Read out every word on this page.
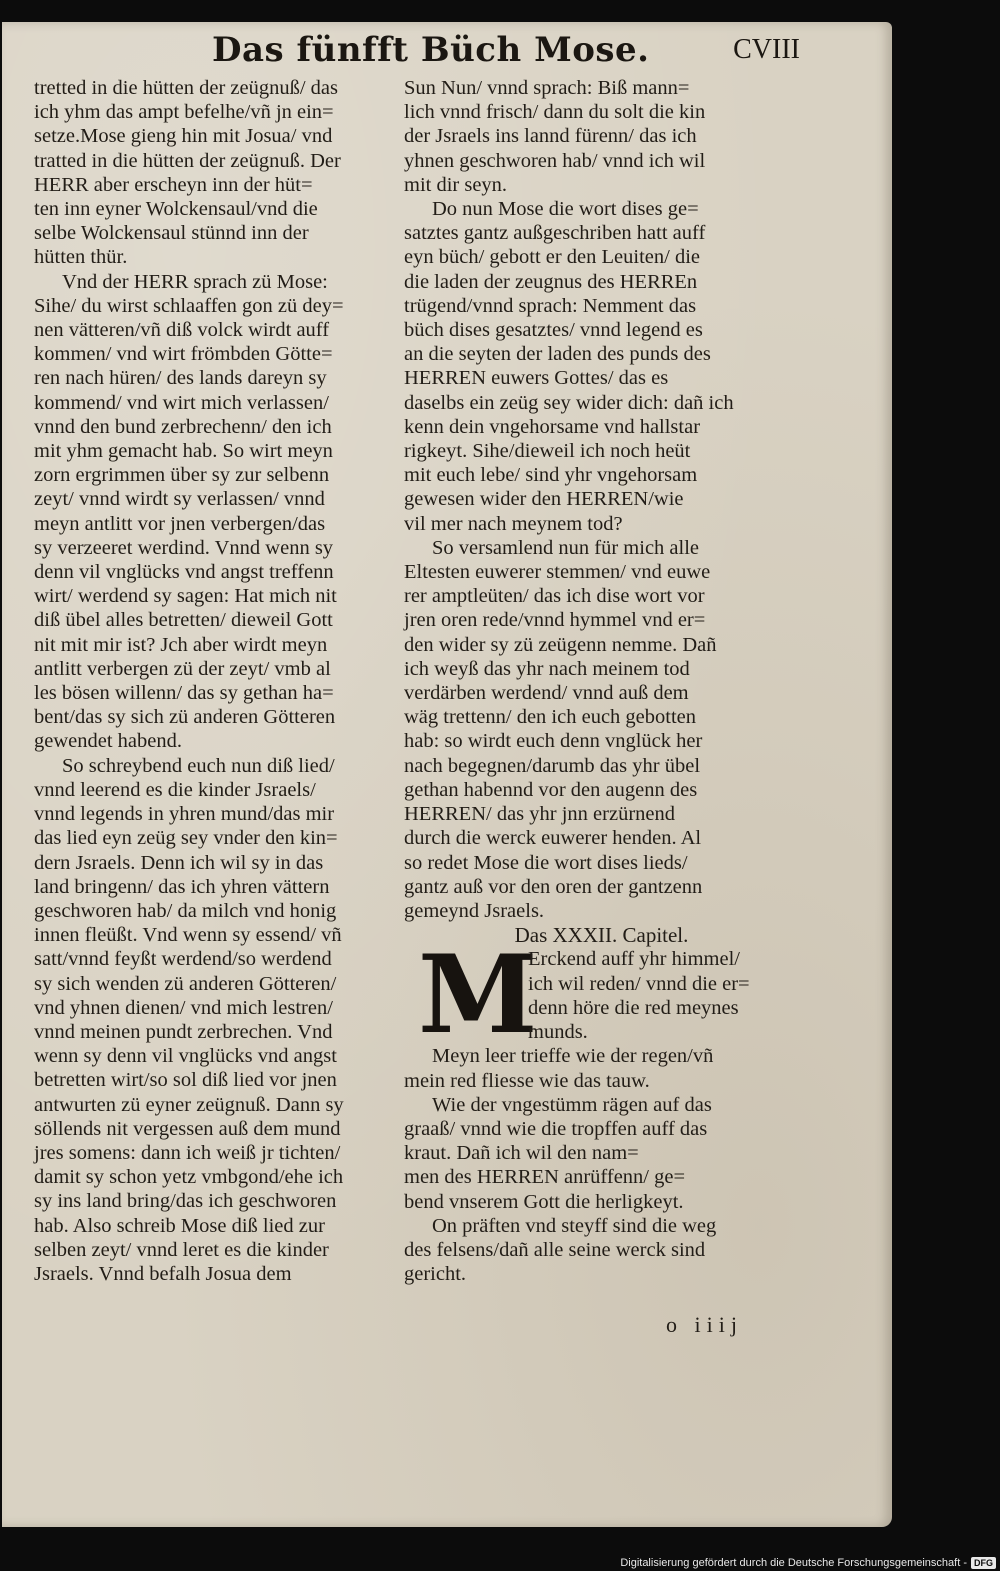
Das fünfft Büch Mose.	CVIII
tretted in die hütten der zeügnuß/ das
ich yhm das ampt befelhe/vñ jn ein=
setze.Mose gieng hin mit Josua/ vnd
tratted in die hütten der zeügnuß. Der
HERR aber erscheyn inn der hüt=
ten inn eyner Wolckensaul/vnd die
selbe Wolckensaul stünnd inn der
hütten thür.
Vnd der HERR sprach zü Mose:
Sihe/ du wirst schlaaffen gon zü dey=
nen vätteren/vñ diß volck wirdt auff
kommen/ vnd wirt frömbden Götte=
ren nach hüren/ des lands dareyn sy
kommend/ vnd wirt mich verlassen/
vnnd den bund zerbrechenn/ den ich
mit yhm gemacht hab. So wirt meyn
zorn ergrimmen über sy zur selbenn
zeyt/ vnnd wirdt sy verlassen/ vnnd
meyn antlitt vor jnen verbergen/das
sy verzeeret werdind. Vnnd wenn sy
denn vil vnglücks vnd angst treffenn
wirt/ werdend sy sagen: Hat mich nit
diß übel alles betretten/ dieweil Gott
nit mit mir ist? Jch aber wirdt meyn
antlitt verbergen zü der zeyt/ vmb al
les bösen willenn/ das sy gethan ha=
bent/das sy sich zü anderen Götteren
gewendet habend.
So schreybend euch nun diß lied/
vnnd leerend es die kinder Jsraels/
vnnd legends in yhren mund/das mir
das lied eyn zeüg sey vnder den kin=
dern Jsraels. Denn ich wil sy in das
land bringenn/ das ich yhren vättern
geschworen hab/ da milch vnd honig
innen fleüßt. Vnd wenn sy essend/ vñ
satt/vnnd feyßt werdend/so werdend
sy sich wenden zü anderen Götteren/
vnd yhnen dienen/ vnd mich lestren/
vnnd meinen pundt zerbrechen. Vnd
wenn sy denn vil vnglücks vnd angst
betretten wirt/so sol diß lied vor jnen
antwurten zü eyner zeügnuß. Dann sy
söllends nit vergessen auß dem mund
jres somens: dann ich weiß jr tichten/
damit sy schon yetz vmbgond/ehe ich
sy ins land bring/das ich geschworen
hab. Also schreib Mose diß lied zur
selben zeyt/ vnnd leret es die kinder
Jsraels. Vnnd befalh Josua dem
Sun Nun/ vnnd sprach: Biß mann=
lich vnnd frisch/ dann du solt die kin
der Jsraels ins lannd fürenn/ das ich
yhnen geschworen hab/ vnnd ich wil
mit dir seyn.
Do nun Mose die wort dises ge=
satztes gantz außgeschriben hatt auff
eyn büch/ gebott er den Leuiten/ die
die laden der zeugnus des HERREn
trügend/vnnd sprach: Nemment das
büch dises gesatztes/ vnnd legend es
an die seyten der laden des punds des
HERREN euwers Gottes/ das es
daselbs ein zeüg sey wider dich: dañ ich
kenn dein vngehorsame vnd hallstar
rigkeyt. Sihe/dieweil ich noch heüt
mit euch lebe/ sind yhr vngehorsam
gewesen wider den HERREN/wie
vil mer nach meynem tod?
So versamlend nun für mich alle
Eltesten euwerer stemmen/ vnd euwe
rer amptleüten/ das ich dise wort vor
jren oren rede/vnnd hymmel vnd er=
den wider sy zü zeügenn nemme. Dañ
ich weyß das yhr nach meinem tod
verdärben werdend/ vnnd auß dem
wäg trettenn/ den ich euch gebotten
hab: so wirdt euch denn vnglück her
nach begegnen/darumb das yhr übel
gethan habennd vor den augenn des
HERREN/ das yhr jnn erzürnend
durch die werck euwerer henden. Al
so redet Mose die wort dises lieds/
gantz auß vor den oren der gantzenn
gemeynd Jsraels.
Das XXXII. Capitel.
M
Erckend auff yhr himmel/
ich wil reden/ vnnd die er=
denn höre die red meynes
munds.
Meyn leer trieffe wie der regen/vñ
mein red fliesse wie das tauw.
Wie der vngestümm rägen auf das
graaß/ vnnd wie die tropffen auff das
kraut. Dañ ich wil den nam=
men des HERREN anrüffenn/ ge=
bend vnserem Gott die herligkeyt.
On präften vnd steyff sind die weg
des felsens/dañ alle seine werck sind
gericht.
o iiij
Digitalisierung gefördert durch die Deutsche Forschungsgemeinschaft - DFG
